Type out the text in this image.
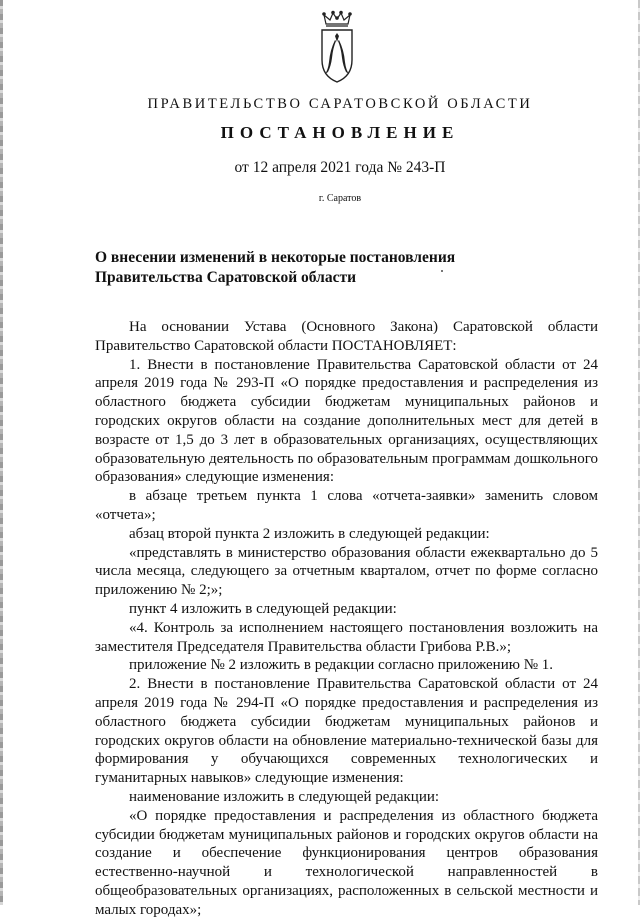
ПРАВИТЕЛЬСТВО САРАТОВСКОЙ ОБЛАСТИ
ПОСТАНОВЛЕНИЕ
от 12 апреля 2021 года № 243-П
г. Саратов
О внесении изменений в некоторые постановления
Правительства Саратовской области

На основании Устава (Основного Закона) Саратовской области Правительство Саратовской области ПОСТАНОВЛЯЕТ:

1. Внести в постановление Правительства Саратовской области от 24 апреля 2019 года № 293-П «О порядке предоставления и распределения из областного бюджета субсидии бюджетам муниципальных районов и городских округов области на создание дополнительных мест для детей в возрасте от 1,5 до 3 лет в образовательных организациях, осуществляющих образовательную деятельность по образовательным программам дошкольного образования» следующие изменения:

в абзаце третьем пункта 1 слова «отчета-заявки» заменить словом «отчета»;

абзац второй пункта 2 изложить в следующей редакции:

«представлять в министерство образования области ежеквартально до 5 числа месяца, следующего за отчетным кварталом, отчет по форме согласно приложению № 2;»;

пункт 4 изложить в следующей редакции:

«4. Контроль за исполнением настоящего постановления возложить на заместителя Председателя Правительства области Грибова Р.В.»;

приложение № 2 изложить в редакции согласно приложению № 1.

2. Внести в постановление Правительства Саратовской области от 24 апреля 2019 года № 294-П «О порядке предоставления и распределения из областного бюджета субсидии бюджетам муниципальных районов и городских округов области на обновление материально-технической базы для формирования у обучающихся современных технологических и гуманитарных навыков» следующие изменения:

наименование изложить в следующей редакции:

«О порядке предоставления и распределения из областного бюджета субсидии бюджетам муниципальных районов и городских округов области на создание и обеспечение функционирования центров образования естественно-научной и технологической направленностей в общеобразовательных организациях, расположенных в сельской местности и малых городах»;
